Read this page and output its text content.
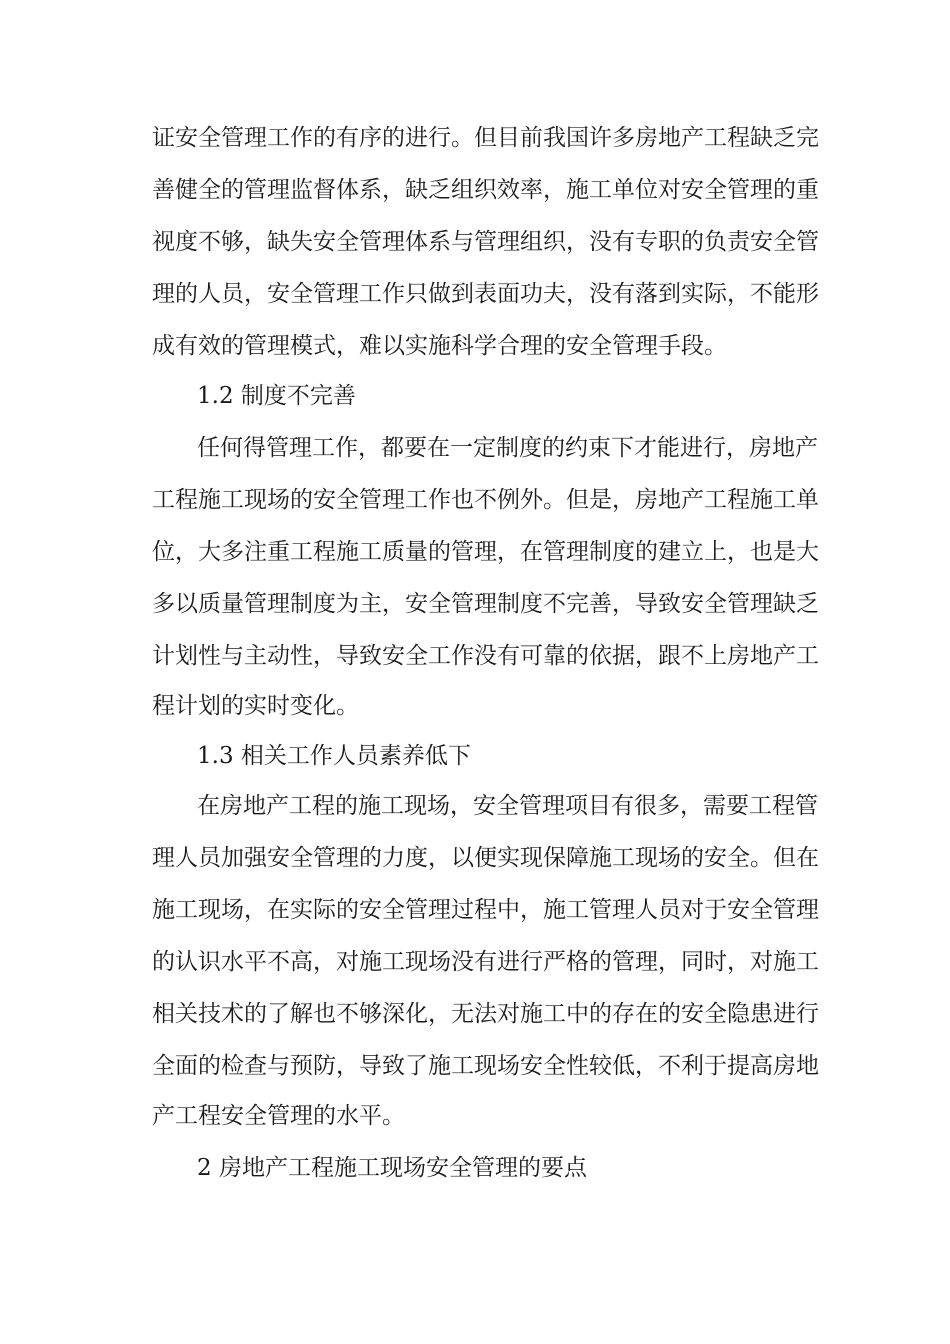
证安全管理工作的有序的进行。但目前我国许多房地产工程缺乏完
善健全的管理监督体系，缺乏组织效率，施工单位对安全管理的重
视度不够，缺失安全管理体系与管理组织，没有专职的负责安全管
理的人员，安全管理工作只做到表面功夫，没有落到实际，不能形
成有效的管理模式，难以实施科学合理的安全管理手段。
1.2 制度不完善
任何得管理工作，都要在一定制度的约束下才能进行，房地产
工程施工现场的安全管理工作也不例外。但是，房地产工程施工单
位，大多注重工程施工质量的管理，在管理制度的建立上，也是大
多以质量管理制度为主，安全管理制度不完善，导致安全管理缺乏
计划性与主动性，导致安全工作没有可靠的依据，跟不上房地产工
程计划的实时变化。
1.3 相关工作人员素养低下
在房地产工程的施工现场，安全管理项目有很多，需要工程管
理人员加强安全管理的力度，以便实现保障施工现场的安全。但在
施工现场，在实际的安全管理过程中，施工管理人员对于安全管理
的认识水平不高，对施工现场没有进行严格的管理，同时，对施工
相关技术的了解也不够深化，无法对施工中的存在的安全隐患进行
全面的检查与预防，导致了施工现场安全性较低，不利于提高房地
产工程安全管理的水平。
2 房地产工程施工现场安全管理的要点
